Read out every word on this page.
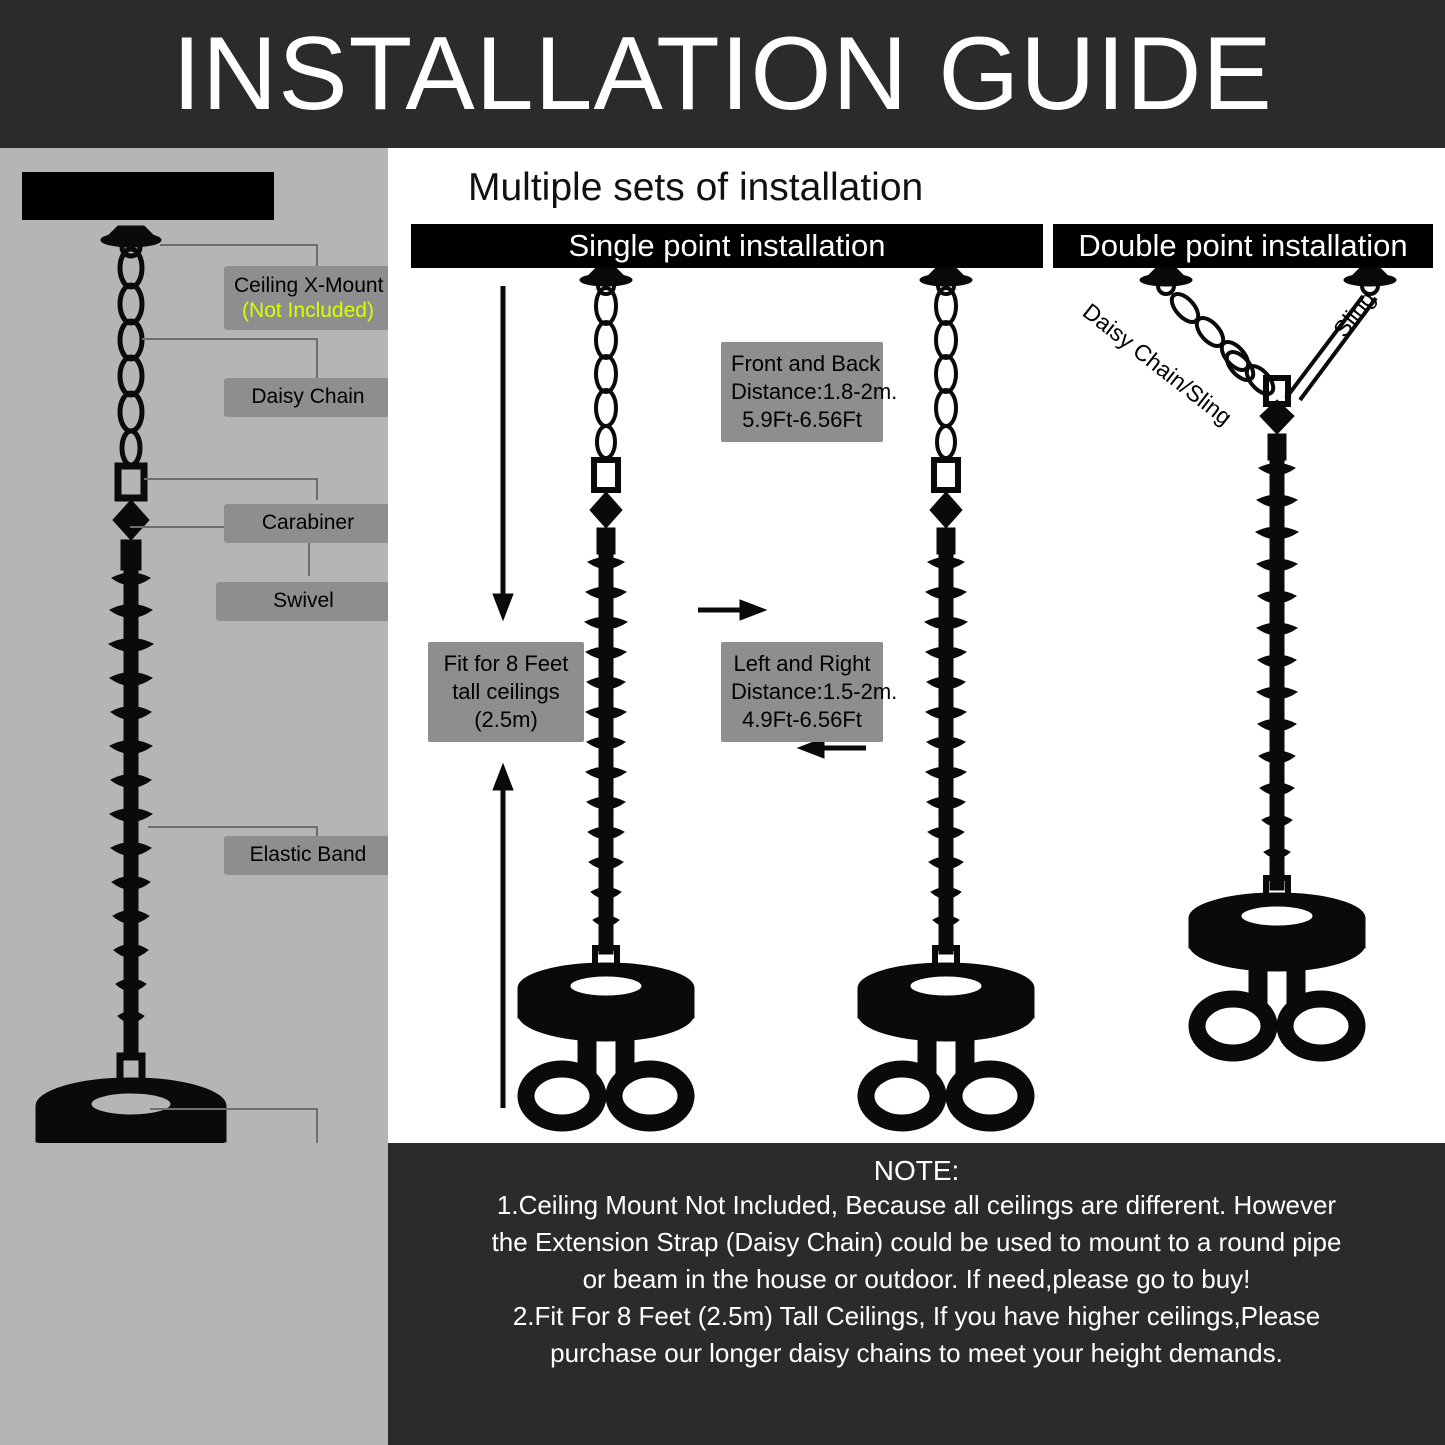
INSTALLATION GUIDE
Ceiling X-Mount
(Not Included)
Daisy Chain
Carabiner
Swivel
Elastic Band
Multiple sets of installation
Single point installation	Double point installation
Front and Back
Distance:1.8-2m.
5.9Ft-6.56Ft
Fit for 8 Feet
tall ceilings
(2.5m)
Left and Right
Distance:1.5-2m.
4.9Ft-6.56Ft
Daisy Chain/Sling	Sling
NOTE:
1.Ceiling Mount Not Included, Because all ceilings are different. However
the Extension Strap (Daisy Chain) could be used to mount to a round pipe
or beam in the house or outdoor. If need,please go to buy!
2.Fit For 8 Feet (2.5m) Tall Ceilings, If you have higher ceilings,Please
purchase our longer daisy chains to meet your height demands.
